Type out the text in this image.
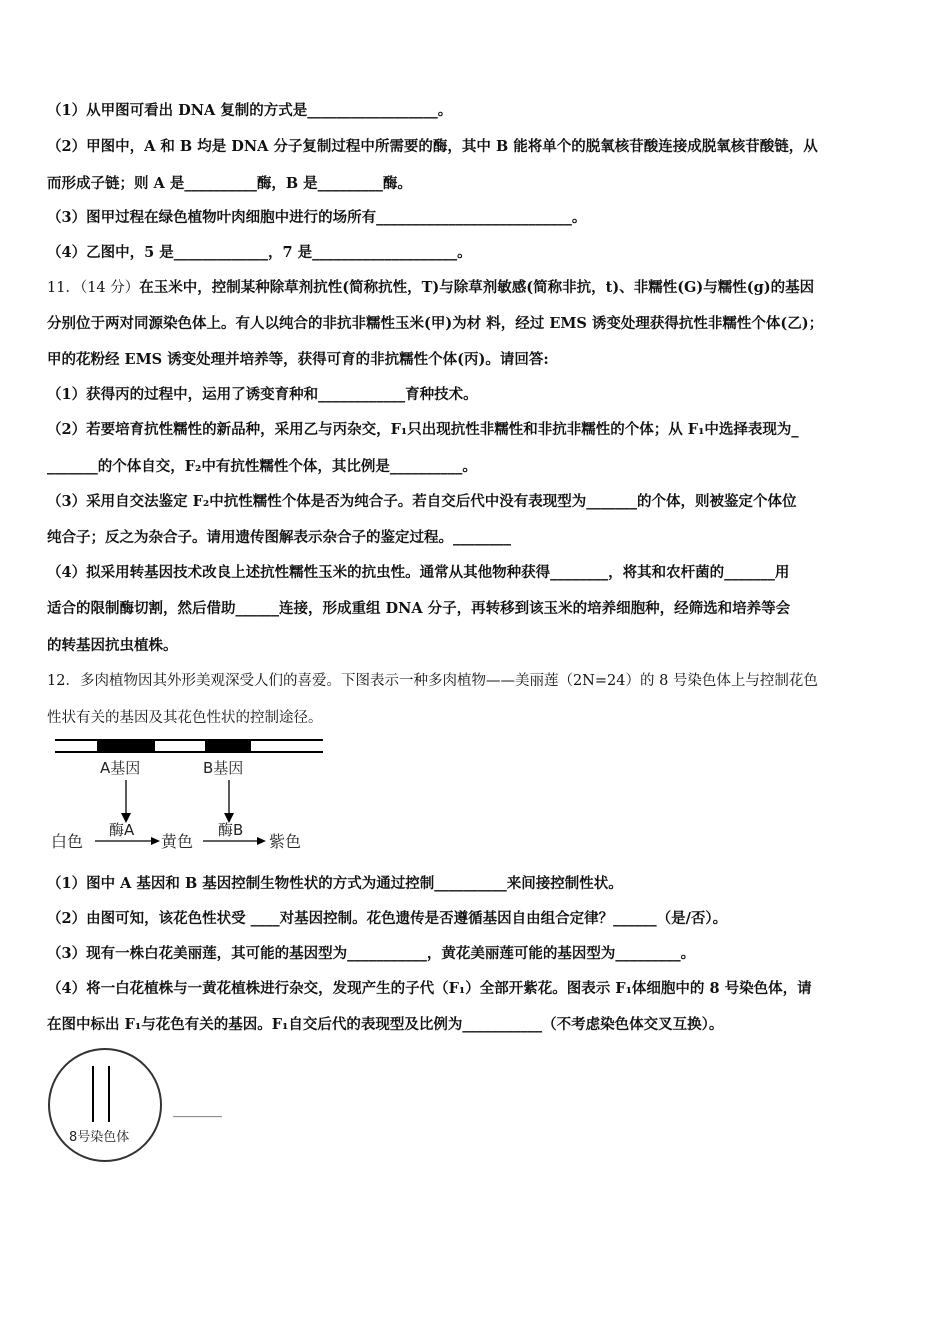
（1）从甲图可看出 DNA 复制的方式是__________________。
（2）甲图中，A 和 B 均是 DNA 分子复制过程中所需要的酶，其中 B 能将单个的脱氧核苷酸连接成脱氧核苷酸链，从
而形成子链；则 A 是__________酶，B 是_________酶。
（3）图甲过程在绿色植物叶肉细胞中进行的场所有___________________________。
（4）乙图中，5 是_____________，7 是____________________。
11．（14 分）在玉米中，控制某种除草剂抗性(简称抗性，T)与除草剂敏感(简称非抗，t)、非糯性(G)与糯性(g)的基因
分别位于两对同源染色体上。有人以纯合的非抗非糯性玉米(甲)为材 料，经过 EMS 诱变处理获得抗性非糯性个体(乙)；
甲的花粉经 EMS 诱变处理并培养等，获得可育的非抗糯性个体(丙)。请回答:
（1）获得丙的过程中，运用了诱变育种和____________育种技术。
（2）若要培育抗性糯性的新品种，采用乙与丙杂交，F₁只出现抗性非糯性和非抗非糯性的个体；从 F₁中选择表现为_
_______的个体自交，F₂中有抗性糯性个体，其比例是__________。
（3）采用自交法鉴定 F₂中抗性糯性个体是否为纯合子。若自交后代中没有表现型为_______的个体，则被鉴定个体位
纯合子；反之为杂合子。请用遗传图解表示杂合子的鉴定过程。________
（4）拟采用转基因技术改良上述抗性糯性玉米的抗虫性。通常从其他物种获得________，将其和农杆菌的_______用
适合的限制酶切割，然后借助______连接，形成重组 DNA 分子，再转移到该玉米的培养细胞种，经筛选和培养等会
的转基因抗虫植株。
12．多肉植物因其外形美观深受人们的喜爱。下图表示一种多肉植物——美丽莲（2N=24）的 8 号染色体上与控制花色
性状有关的基因及其花色性状的控制途径。
A基因	B基因
酶A	酶B
白色	黄色	紫色
（1）图中 A 基因和 B 基因控制生物性状的方式为通过控制__________来间接控制性状。
（2）由图可知，该花色性状受 ____对基因控制。花色遗传是否遵循基因自由组合定律？______（是/否）。
（3）现有一株白花美丽莲，其可能的基因型为___________，黄花美丽莲可能的基因型为_________。
（4）将一白花植株与一黄花植株进行杂交，发现产生的子代（F₁）全部开紫花。图表示 F₁体细胞中的 8 号染色体，请
在图中标出 F₁与花色有关的基因。F₁自交后代的表现型及比例为___________（不考虑染色体交叉互换）。
8号染色体
_______
